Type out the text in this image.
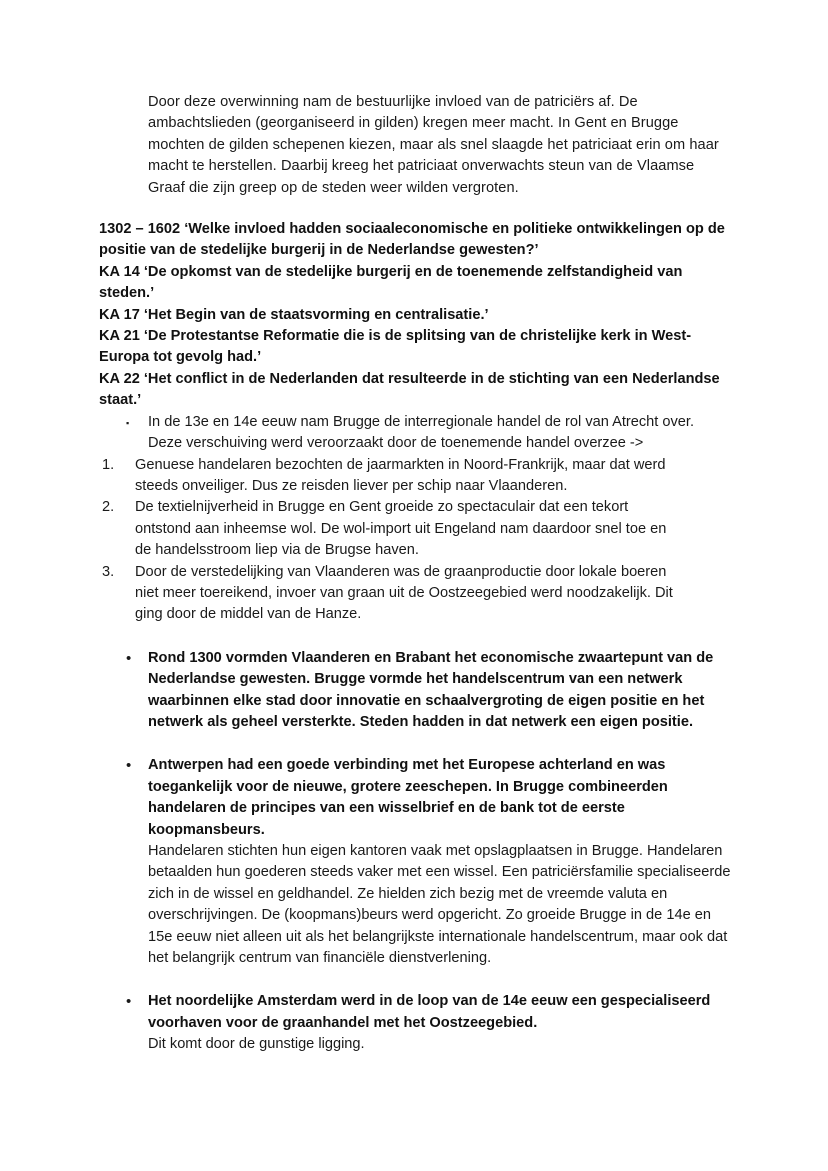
Door deze overwinning nam de bestuurlijke invloed van de patriciërs af. De ambachtslieden (georganiseerd in gilden) kregen meer macht. In Gent en Brugge mochten de gilden schepenen kiezen, maar als snel slaagde het patriciaat erin om haar macht te herstellen. Daarbij kreeg het patriciaat onverwachts steun van de Vlaamse Graaf die zijn greep op de steden weer wilden vergroten.

1302 – 1602 ‘Welke invloed hadden sociaaleconomische en politieke ontwikkelingen op de positie van de stedelijke burgerij in de Nederlandse gewesten?’

KA 14 ‘De opkomst van de stedelijke burgerij en de toenemende zelfstandigheid van steden.’

KA 17 ‘Het Begin van de staatsvorming en centralisatie.’

KA 21 ‘De Protestantse Reformatie die is de splitsing van de christelijke kerk in West-Europa tot gevolg had.’

KA 22 ‘Het conflict in de Nederlanden dat resulteerde in de stichting van een Nederlandse staat.’

▪	In de 13e en 14e eeuw nam Brugge de interregionale handel de rol van Atrecht over. Deze verschuiving werd veroorzaakt door de toenemende handel overzee ->
1.	Genuese handelaren bezochten de jaarmarkten in Noord-Frankrijk, maar dat werd steeds onveiliger. Dus ze reisden liever per schip naar Vlaanderen.
2.	De textielnijverheid in Brugge en Gent groeide zo spectaculair dat een tekort ontstond aan inheemse wol. De wol-import uit Engeland nam daardoor snel toe en de handelsstroom liep via de Brugse haven.
3.	Door de verstedelijking van Vlaanderen was de graanproductie door lokale boeren niet meer toereikend, invoer van graan uit de Oostzeegebied werd noodzakelijk. Dit ging door de middel van de Hanze.
•	Rond 1300 vormden Vlaanderen en Brabant het economische zwaartepunt van de Nederlandse gewesten. Brugge vormde het handelscentrum van een netwerk waarbinnen elke stad door innovatie en schaalvergroting de eigen positie en het netwerk als geheel versterkte. Steden hadden in dat netwerk een eigen positie.
•	Antwerpen had een goede verbinding met het Europese achterland en was toegankelijk voor de nieuwe, grotere zeeschepen. In Brugge combineerden handelaren de principes van een wisselbrief en de bank tot de eerste koopmansbeurs.
Handelaren stichten hun eigen kantoren vaak met opslagplaatsen in Brugge. Handelaren betaalden hun goederen steeds vaker met een wissel. Een patriciërsfamilie specialiseerde zich in de wissel en geldhandel. Ze hielden zich bezig met de vreemde valuta en overschrijvingen. De (koopmans)beurs werd opgericht. Zo groeide Brugge in de 14e en 15e eeuw niet alleen uit als het belangrijkste internationale handelscentrum, maar ook dat het belangrijk centrum van financiële dienstverlening.
•	Het noordelijke Amsterdam werd in de loop van de 14e eeuw een gespecialiseerd voorhaven voor de graanhandel met het Oostzeegebied.
Dit komt door de gunstige ligging.
